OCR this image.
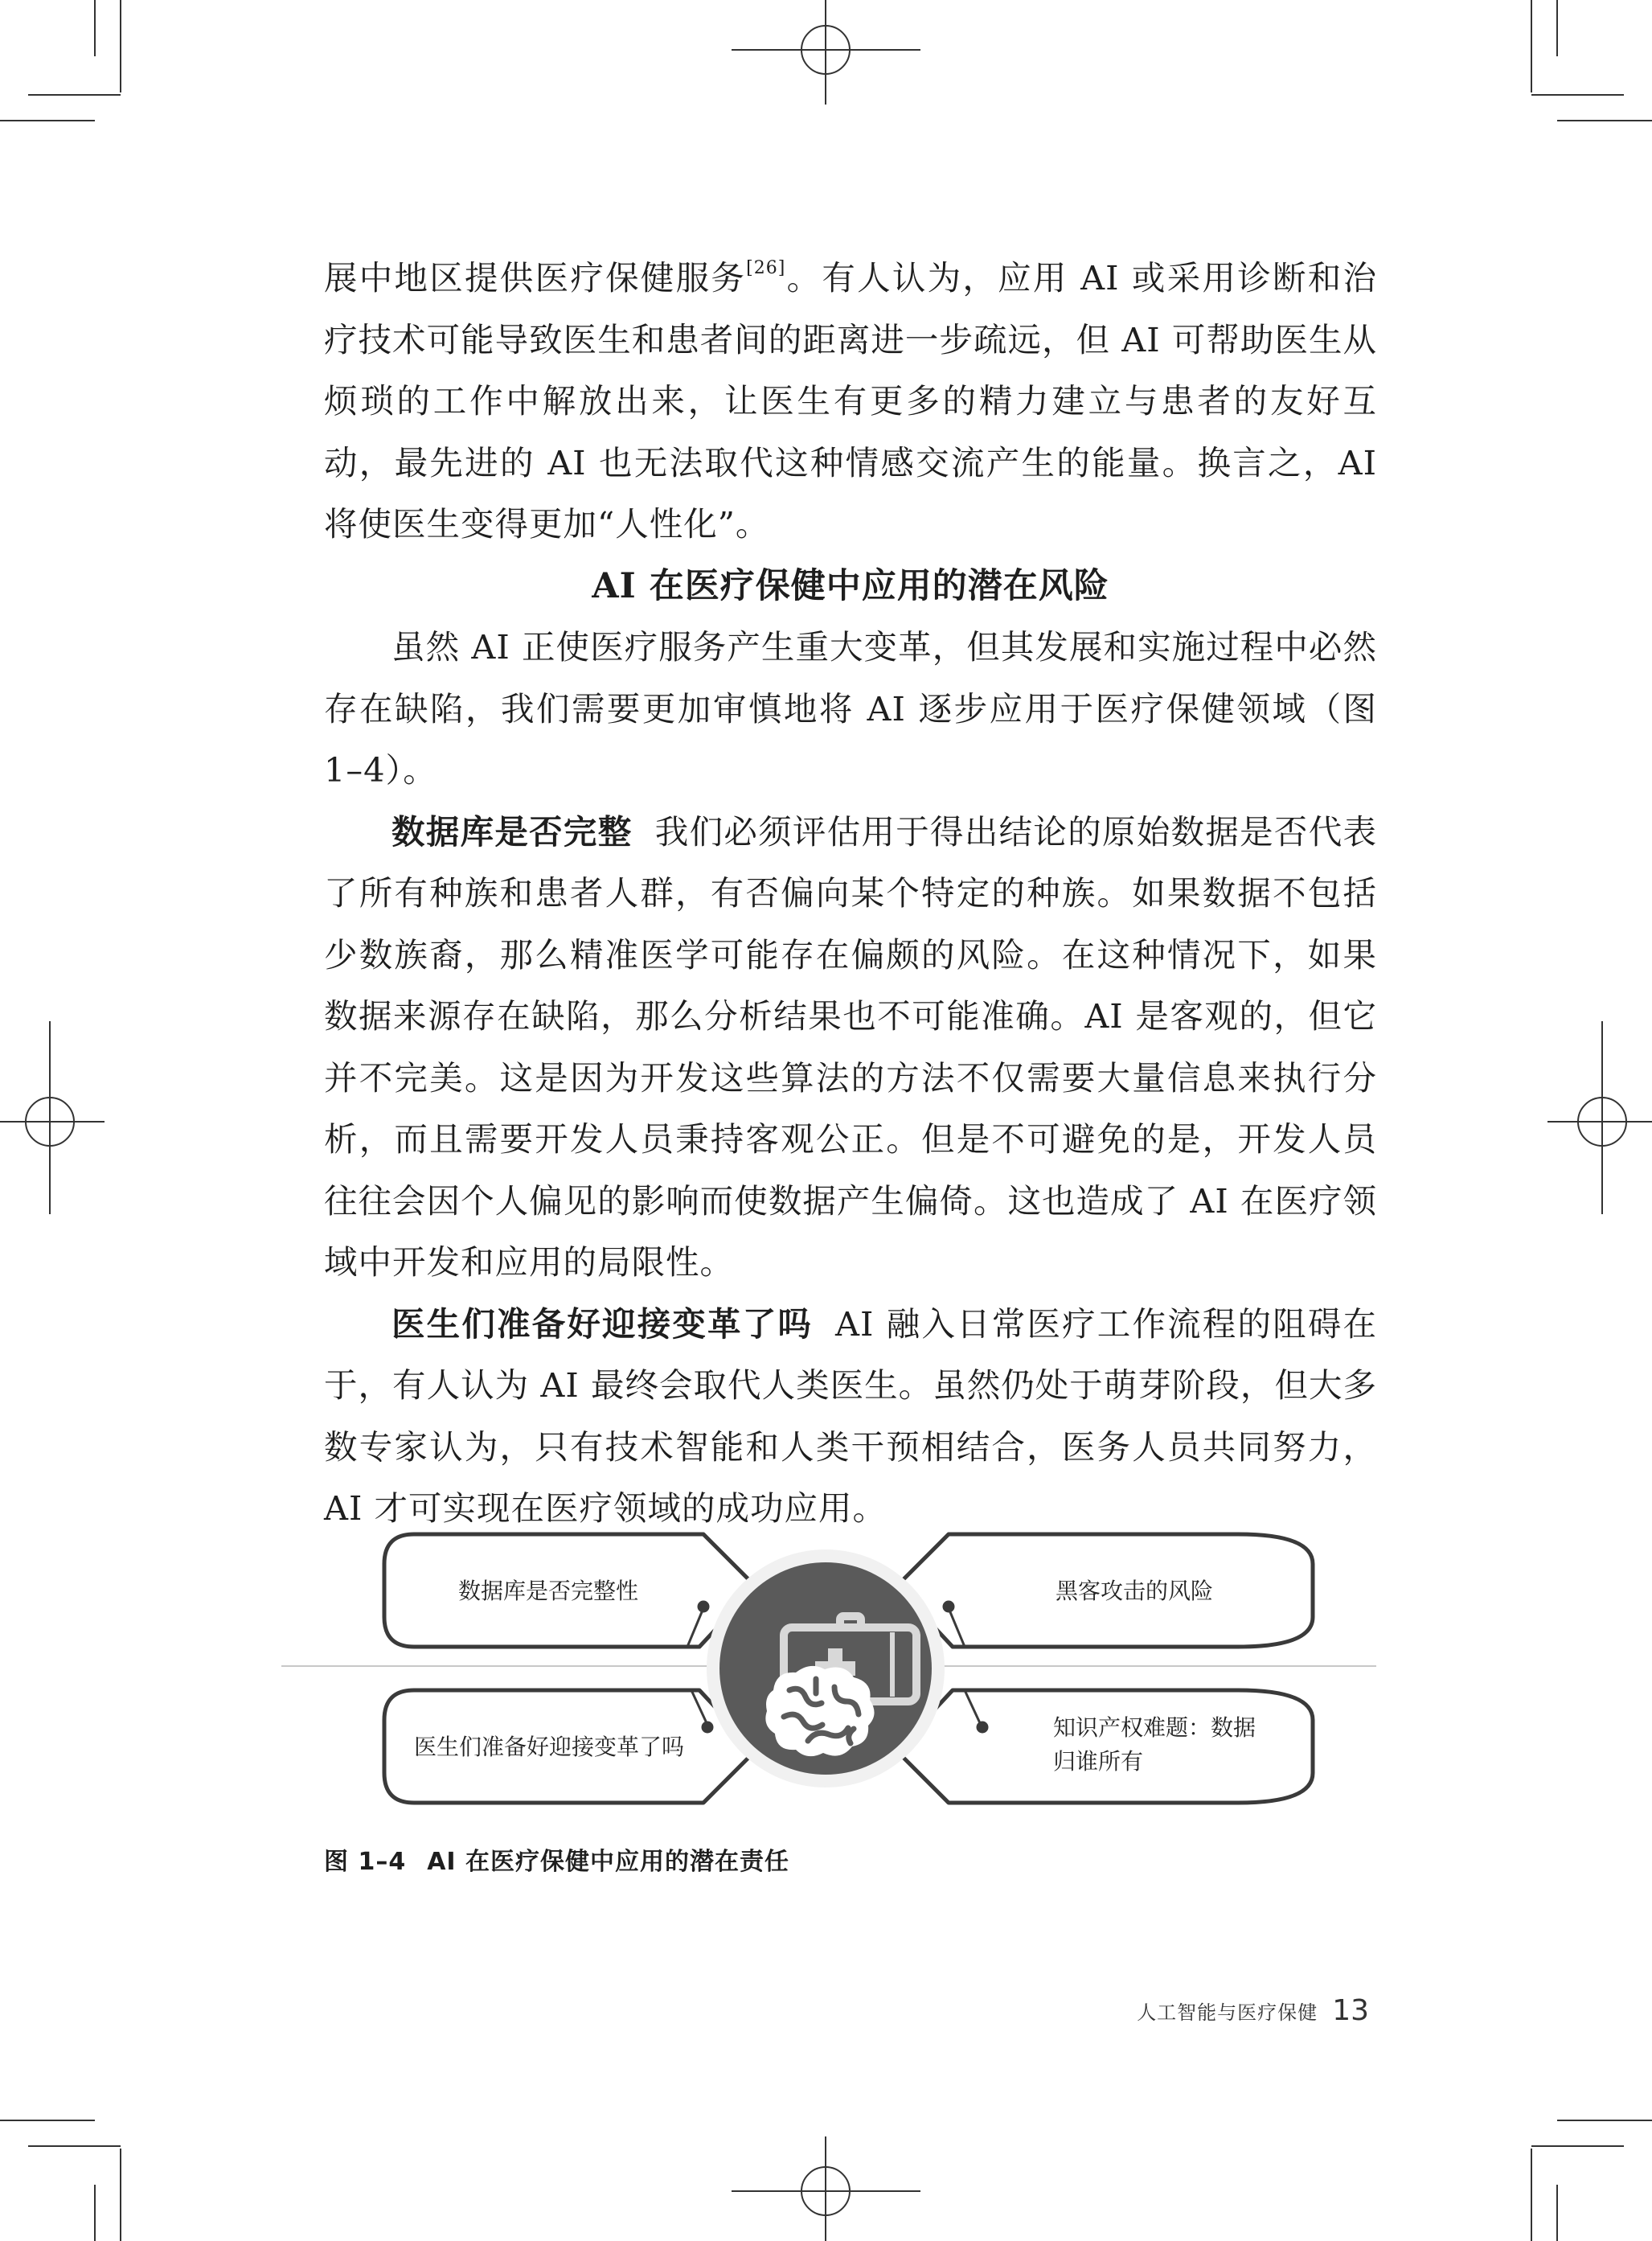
展中地区提供医疗保健服务[26]。有人认为，应用 AI 或采用诊断和治疗技术可能导致医生和患者间的距离进一步疏远，但 AI 可帮助医生从烦琐的工作中解放出来，让医生有更多的精力建立与患者的友好互动，最先进的 AI 也无法取代这种情感交流产生的能量。换言之，AI 将使医生变得更加“人性化”。

AI 在医疗保健中应用的潜在风险

虽然 AI 正使医疗服务产生重大变革，但其发展和实施过程中必然存在缺陷，我们需要更加审慎地将 AI 逐步应用于医疗保健领域（图 1–4）。

数据库是否完整 我们必须评估用于得出结论的原始数据是否代表了所有种族和患者人群，有否偏向某个特定的种族。如果数据不包括少数族裔，那么精准医学可能存在偏颇的风险。在这种情况下，如果数据来源存在缺陷，那么分析结果也不可能准确。AI 是客观的，但它并不完美。这是因为开发这些算法的方法不仅需要大量信息来执行分析，而且需要开发人员秉持客观公正。但是不可避免的是，开发人员往往会因个人偏见的影响而使数据产生偏倚。这也造成了 AI 在医疗领域中开发和应用的局限性。

医生们准备好迎接变革了吗 AI 融入日常医疗工作流程的阻碍在于，有人认为 AI 最终会取代人类医生。虽然仍处于萌芽阶段，但大多数专家认为，只有技术智能和人类干预相结合，医务人员共同努力，AI 才可实现在医疗领域的成功应用。

数据库是否完整性
医生们准备好迎接变革了吗
黑客攻击的风险
知识产权难题：数据
归谁所有
图 1–4 AI 在医疗保健中应用的潜在责任
人工智能与医疗保健 13
